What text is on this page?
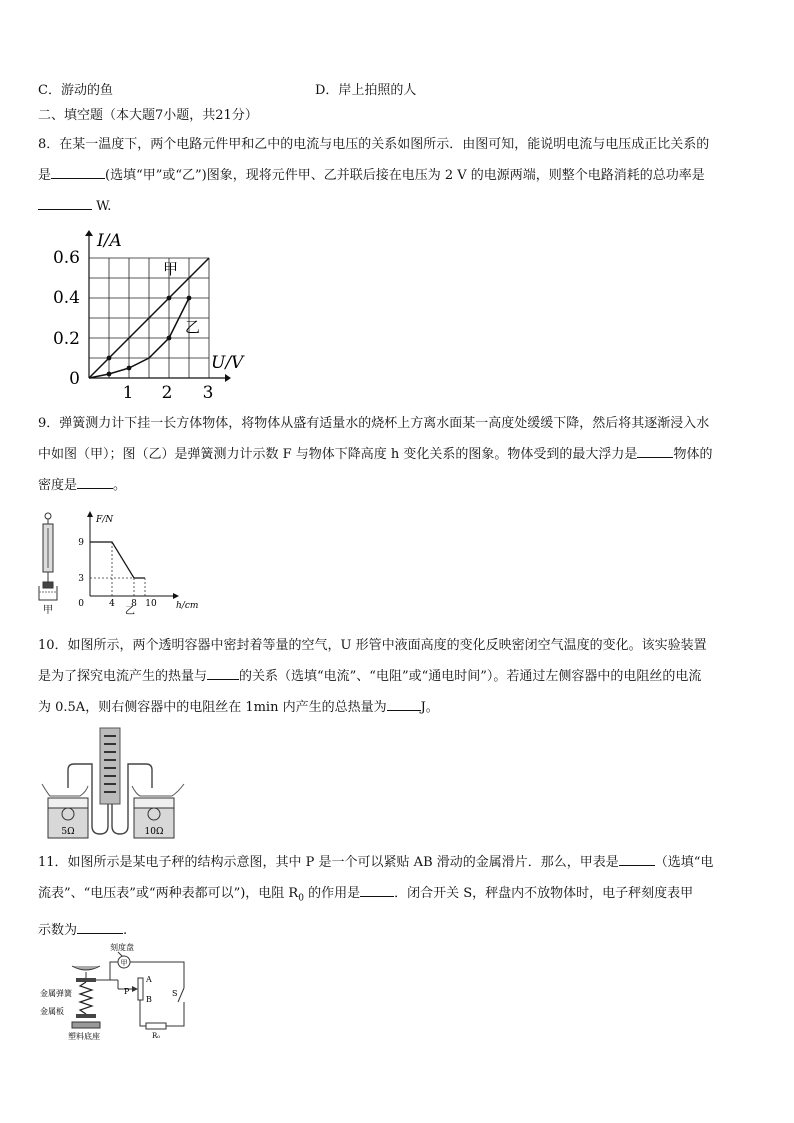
C．游动的鱼	D．岸上拍照的人
二、填空题（本大题7小题，共21分）
8．在某一温度下，两个电路元件甲和乙中的电流与电压的关系如图所示．由图可知，能说明电流与电压成正比关系的
是	(选填“甲”或“乙”)图象，现将元件甲、乙并联后接在电压为 2 V 的电源两端，则整个电路消耗的总功率是
W.
I/A
U/V
0.6
0.4
0.2
0
1 2 3
甲
乙
9．弹簧测力计下挂一长方体物体，将物体从盛有适量水的烧杯上方离水面某一高度处缓缓下降，然后将其逐渐浸入水
中如图（甲）；图（乙）是弹簧测力计示数 F 与物体下降高度 h 变化关系的图象。物体受到的最大浮力是	物体的
密度是	。
甲
F/N
h/cm
9
3
0	4 8 10
乙
10．如图所示，两个透明容器中密封着等量的空气，U 形管中液面高度的变化反映密闭空气温度的变化。该实验装置
是为了探究电流产生的热量与 的关系（选填“电流”、“电阻”或“通电时间”）。若通过左侧容器中的电阻丝的电流
为 0.5A，则右侧容器中的电阻丝在 1min 内产生的总热量为	J。
5Ω	10Ω
11．如图所示是某电子秤的结构示意图，其中 P 是一个可以紧贴 AB 滑动的金属滑片．那么，甲表是	（选填“电
流表”、“电压表”或“两种表都可以”)，电阻 $R_0$ 的作用是	．闭合开关 S，秤盘内不放物体时，电子秤刻度表甲
示数为	.
刻度盘
金属弹簧
金属板
塑料底座
甲
A
B
P	S
R₀
